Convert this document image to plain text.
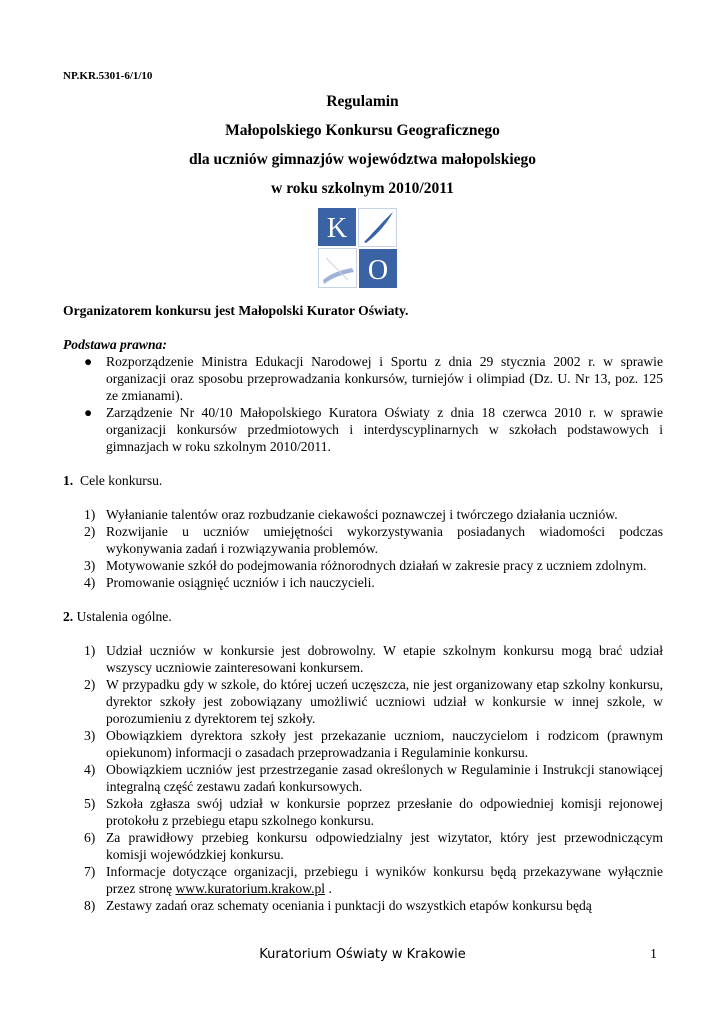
NP.KR.5301-6/1/10
Regulamin
Małopolskiego Konkursu Geograficznego
dla uczniów gimnazjów województwa małopolskiego
w roku szkolnym 2010/2011
K
O
Organizatorem konkursu jest Małopolski Kurator Oświaty.
Podstawa prawna:
● Rozporządzenie Ministra Edukacji Narodowej i Sportu z dnia 29 stycznia 2002 r. w sprawie organizacji oraz sposobu przeprowadzania konkursów, turniejów i olimpiad (Dz. U. Nr 13, poz. 125 ze zmianami).
● Zarządzenie Nr 40/10 Małopolskiego Kuratora Oświaty z dnia 18 czerwca 2010 r. w sprawie organizacji konkursów przedmiotowych i interdyscyplinarnych w szkołach podstawowych i gimnazjach w roku szkolnym 2010/2011.
1. Cele konkursu.
1) Wyłanianie talentów oraz rozbudzanie ciekawości poznawczej i twórczego działania uczniów.
2) Rozwijanie u uczniów umiejętności wykorzystywania posiadanych wiadomości podczas wykonywania zadań i rozwiązywania problemów.
3) Motywowanie szkół do podejmowania różnorodnych działań w zakresie pracy z uczniem zdolnym.
4) Promowanie osiągnięć uczniów i ich nauczycieli.
2. Ustalenia ogólne.
1) Udział uczniów w konkursie jest dobrowolny. W etapie szkolnym konkursu mogą brać udział wszyscy uczniowie zainteresowani konkursem.
2) W przypadku gdy w szkole, do której uczeń uczęszcza, nie jest organizowany etap szkolny konkursu, dyrektor szkoły jest zobowiązany umożliwić uczniowi udział w konkursie w innej szkole, w porozumieniu z dyrektorem tej szkoły.
3) Obowiązkiem dyrektora szkoły jest przekazanie uczniom, nauczycielom i rodzicom (prawnym opiekunom) informacji o zasadach przeprowadzania i Regulaminie konkursu.
4) Obowiązkiem uczniów jest przestrzeganie zasad określonych w Regulaminie i Instrukcji stanowiącej integralną część zestawu zadań konkursowych.
5) Szkoła zgłasza swój udział w konkursie poprzez przesłanie do odpowiedniej komisji rejonowej protokołu z przebiegu etapu szkolnego konkursu.
6) Za prawidłowy przebieg konkursu odpowiedzialny jest wizytator, który jest przewodniczącym komisji wojewódzkiej konkursu.
7) Informacje dotyczące organizacji, przebiegu i wyników konkursu będą przekazywane wyłącznie przez stronę www.kuratorium.krakow.pl .
8) Zestawy zadań oraz schematy oceniania i punktacji do wszystkich etapów konkursu będą
Kuratorium Oświaty w Krakowie	1
